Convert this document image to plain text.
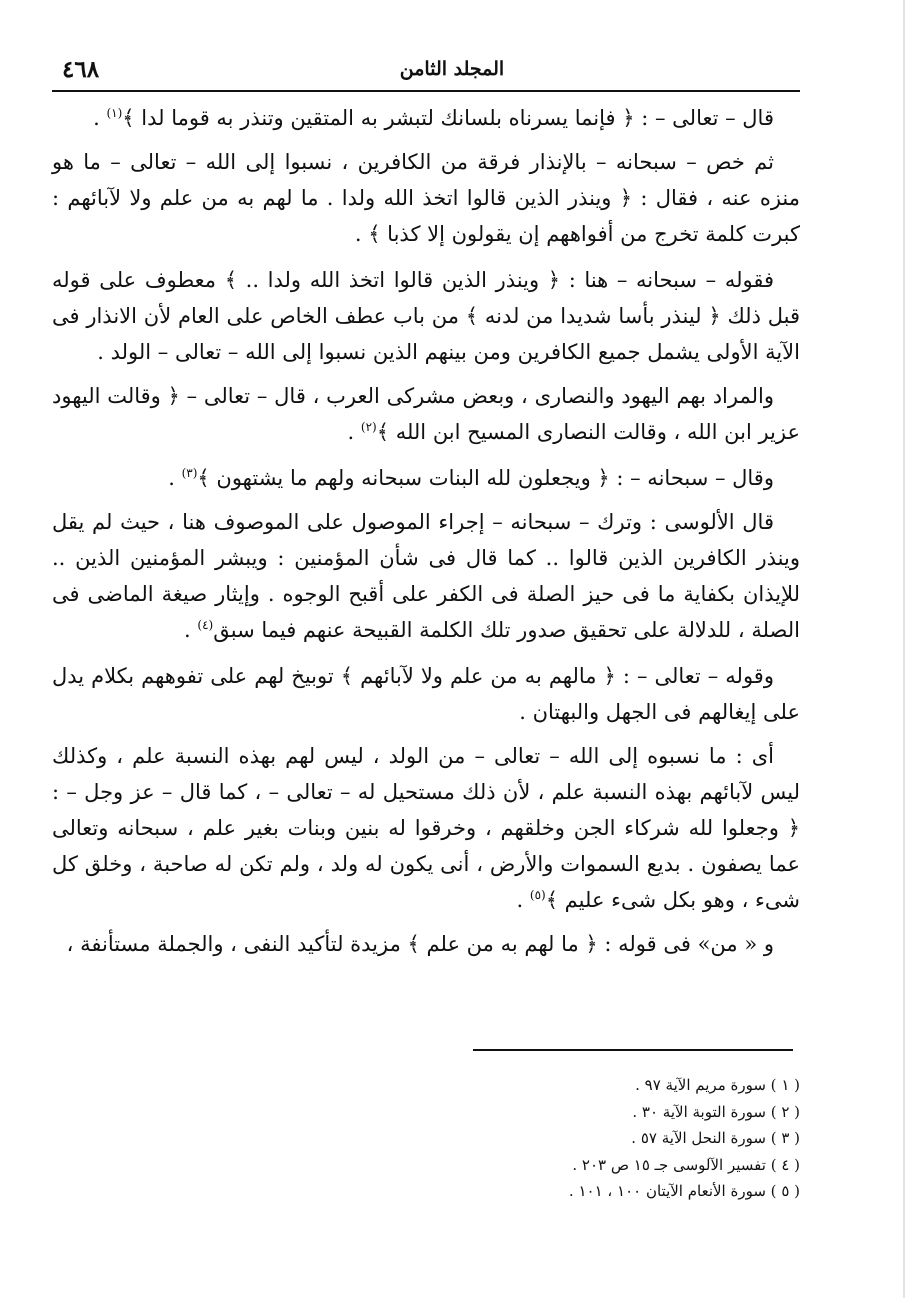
٤٦٨	المجلد الثامن

قال – تعالى – : ﴿ فإنما يسرناه بلسانك لتبشر به المتقين وتنذر به قوما لدا ﴾$^{(١)}$ .

ثم خص – سبحانه – بالإنذار فرقة من الكافرين ، نسبوا إلى الله – تعالى – ما هو منزه عنه ، فقال : ﴿ وينذر الذين قالوا اتخذ الله ولدا . ما لهم به من علم ولا لآبائهم : كبرت كلمة تخرج من أفواههم إن يقولون إلا كذبا ﴾ .

فقوله – سبحانه – هنا : ﴿ وينذر الذين قالوا اتخذ الله ولدا .. ﴾ معطوف على قوله قبل ذلك ﴿ لينذر بأسا شديدا من لدنه ﴾ من باب عطف الخاص على العام لأن الانذار فى الآية الأولى يشمل جميع الكافرين ومن بينهم الذين نسبوا إلى الله – تعالى – الولد .

والمراد بهم اليهود والنصارى ، وبعض مشركى العرب ، قال – تعالى – ﴿ وقالت اليهود عزير ابن الله ، وقالت النصارى المسيح ابن الله ﴾$^{(٢)}$ .

وقال – سبحانه – : ﴿ ويجعلون لله البنات سبحانه ولهم ما يشتهون ﴾$^{(٣)}$ .

قال الألوسى : وترك – سبحانه – إجراء الموصول على الموصوف هنا ، حيث لم يقل وينذر الكافرين الذين قالوا .. كما قال فى شأن المؤمنين : ويبشر المؤمنين الذين .. للإيذان بكفاية ما فى حيز الصلة فى الكفر على أقبح الوجوه . وإيثار صيغة الماضى فى الصلة ، للدلالة على تحقيق صدور تلك الكلمة القبيحة عنهم فيما سبق$^{(٤)}$ .

وقوله – تعالى – : ﴿ مالهم به من علم ولا لآبائهم ﴾ توبيخ لهم على تفوههم بكلام يدل على إيغالهم فى الجهل والبهتان .

أى : ما نسبوه إلى الله – تعالى – من الولد ، ليس لهم بهذه النسبة علم ، وكذلك ليس لآبائهم بهذه النسبة علم ، لأن ذلك مستحيل له – تعالى – ، كما قال – عز وجل – : ﴿ وجعلوا لله شركاء الجن وخلقهم ، وخرقوا له بنين وبنات بغير علم ، سبحانه وتعالى عما يصفون . بديع السموات والأرض ، أنى يكون له ولد ، ولم تكن له صاحبة ، وخلق كل شىء ، وهو بكل شىء عليم ﴾$^{(٥)}$ .

و « من» فى قوله : ﴿ ما لهم به من علم ﴾ مزيدة لتأكيد النفى ، والجملة مستأنفة ،

( ١ ) سورة مريم الآية ٩٧ .

( ٢ ) سورة التوبة الآية ٣٠ .

( ٣ ) سورة النحل الآية ٥٧ .

( ٤ ) تفسير الآلوسى جـ ١٥ ص ٢٠٣ .

( ٥ ) سورة الأنعام الآيتان ١٠٠ ، ١٠١ .
